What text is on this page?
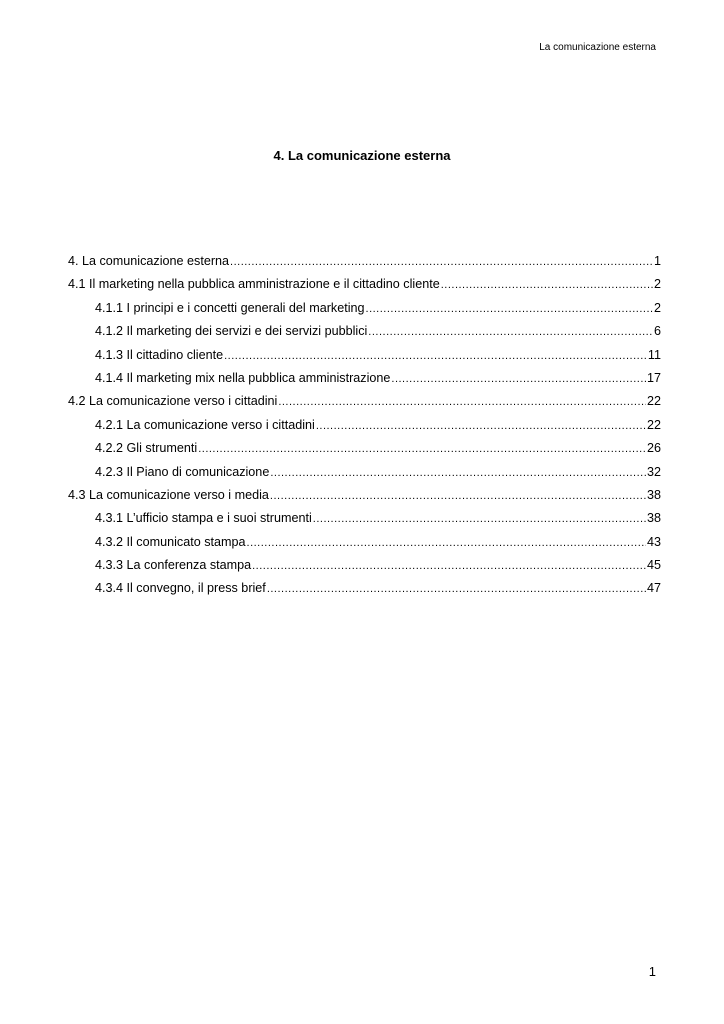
La comunicazione esterna
4. La comunicazione esterna
4. La comunicazione esterna .....	1
4.1 Il marketing nella pubblica amministrazione e il cittadino cliente .....	2
4.1.1 I principi e i concetti generali del marketing .....	2
4.1.2 Il marketing dei servizi e dei servizi pubblici .....	6
4.1.3 Il cittadino cliente .....	11
4.1.4 Il marketing mix nella pubblica amministrazione .....	17
4.2 La comunicazione verso i cittadini .....	22
4.2.1 La comunicazione verso i cittadini .....	22
4.2.2 Gli strumenti .....	26
4.2.3 Il Piano di comunicazione .....	32
4.3 La comunicazione verso i media .....	38
4.3.1 L’ufficio stampa e i suoi strumenti .....	38
4.3.2 Il comunicato stampa .....	43
4.3.3 La conferenza stampa .....	45
4.3.4 Il convegno, il press brief .....	47
1
